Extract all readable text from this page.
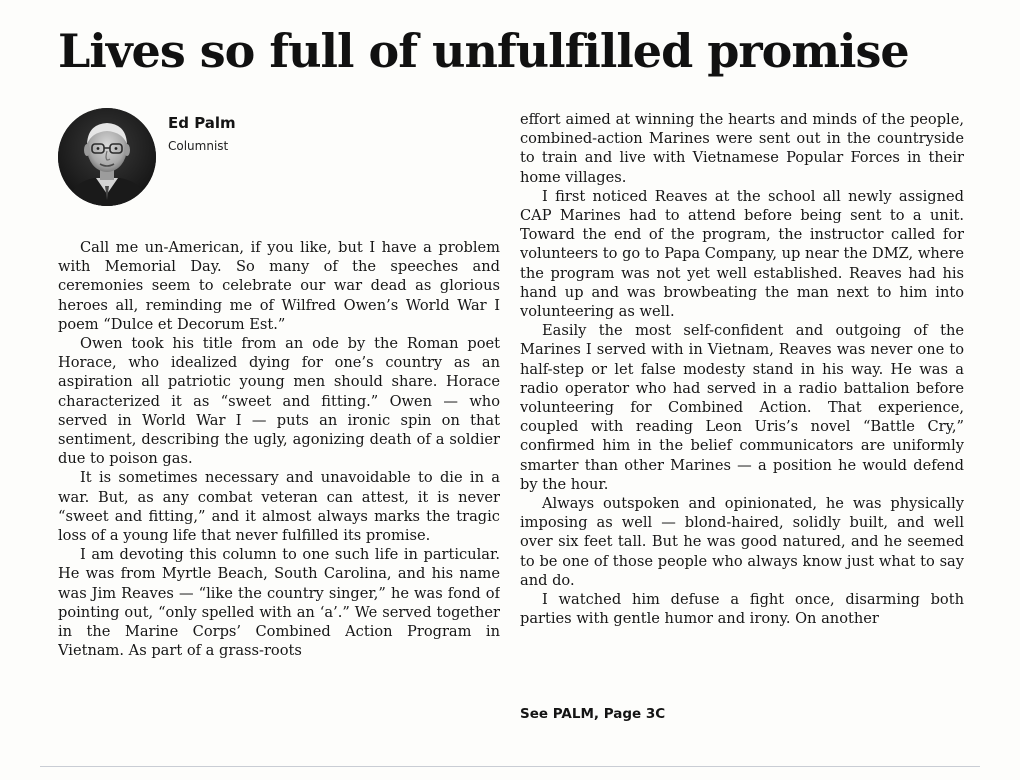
Lives so full of unfulfilled promise
Ed Palm
Columnist

Call me un-American, if you like, but I have a problem with Memorial Day. So many of the speeches and ceremonies seem to celebrate our war dead as glorious heroes all, reminding me of Wilfred Owen’s World War I poem “Dulce et Decorum Est.”

Owen took his title from an ode by the Roman poet Horace, who idealized dying for one’s country as an aspiration all patriotic young men should share. Horace characterized it as “sweet and fitting.” Owen — who served in World War I — puts an ironic spin on that sentiment, describing the ugly, agonizing death of a soldier due to poison gas.

It is sometimes necessary and unavoidable to die in a war. But, as any combat veteran can attest, it is never “sweet and fitting,” and it almost always marks the tragic loss of a young life that never fulfilled its promise.

I am devoting this column to one such life in particular. He was from Myrtle Beach, South Carolina, and his name was Jim Reaves — “like the country singer,” he was fond of pointing out, “only spelled with an ‘a’.” We served together in the Marine Corps’ Combined Action Program in Vietnam. As part of a grass-roots

effort aimed at winning the hearts and minds of the people, combined-action Marines were sent out in the countryside to train and live with Vietnamese Popular Forces in their home villages.

I first noticed Reaves at the school all newly assigned CAP Marines had to attend before being sent to a unit. Toward the end of the program, the instructor called for volunteers to go to Papa Company, up near the DMZ, where the program was not yet well established. Reaves had his hand up and was browbeating the man next to him into volunteering as well.

Easily the most self-confident and outgoing of the Marines I served with in Vietnam, Reaves was never one to half-step or let false modesty stand in his way. He was a radio operator who had served in a radio battalion before volunteering for Combined Action. That experience, coupled with reading Leon Uris’s novel “Battle Cry,” confirmed him in the belief communicators are uniformly smarter than other Marines — a position he would defend by the hour.

Always outspoken and opinionated, he was physically imposing as well — blond-haired, solidly built, and well over six feet tall. But he was good natured, and he seemed to be one of those people who always know just what to say and do.

I watched him defuse a fight once, disarming both parties with gentle humor and irony. On another

See PALM, Page 3C
